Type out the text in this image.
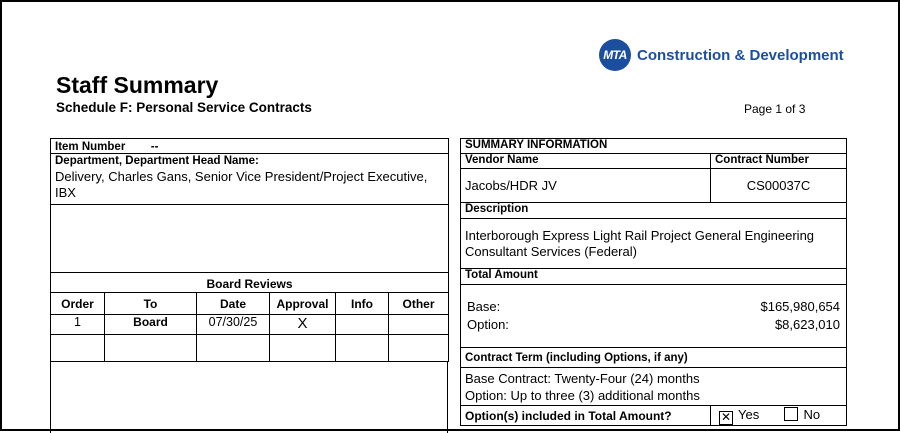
MTA Construction & Development
Staff Summary
Schedule F: Personal Service Contracts	Page 1 of 3
Item Number --

Department, Department Head Name:
Delivery, Charles Gans, Senior Vice President/Project Executive, IBX

Board Reviews					
Order	To	Date	Approval	Info	Other
1	Board	07/30/25	X		

SUMMARY INFORMATION	
Vendor Name	Contract Number
Jacobs/HDR JV	CS00037C
Description	
Interborough Express Light Rail Project General Engineering Consultant Services (Federal)	
Total Amount	

Base: $165,980,654
Option: $8,623,010	

Contract Term (including Options, if any)	

Base Contract: Twenty-Four (24) months
Option: Up to three (3) additional months	

Option(s) included in Total Amount?	✕ Yes No
